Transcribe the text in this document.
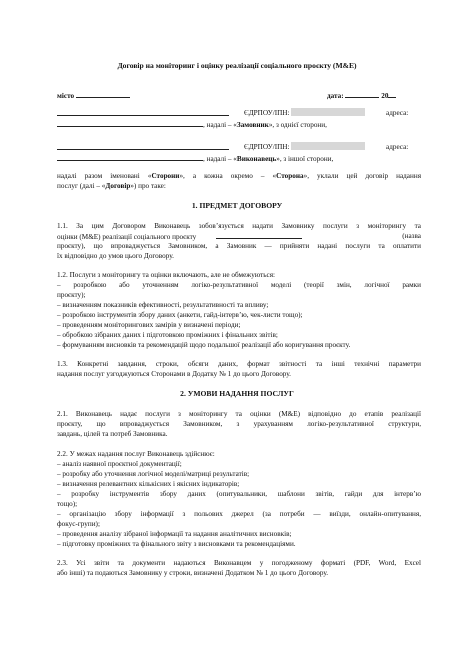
Договір на моніторинг і оцінку реалізації соціального проєкту (M&E)
місто	дата:	20
ЄДРПОУ/ІПН:	адреса:
, надалі – «Замовник», з однієї сторони,
ЄДРПОУ/ІПН:	адреса:
, надалі – «Виконавець», з іншої сторони,
надалі разом іменовані «Сторони», а кожна окремо – «Сторона», уклали цей договір надання
послуг (далі – «Договір») про таке:
1. ПРЕДМЕТ ДОГОВОРУ
1.1. За цим Договором Виконавець зобов’язується надати Замовнику послуги з моніторингу та
оцінки (M&E) реалізації соціального проєкту	(назва
проєкту), що впроваджується Замовником, а Замовник — прийняти надані послуги та оплатити
їх відповідно до умов цього Договору.
1.2. Послуги з моніторингу та оцінки включають, але не обмежуються:
– розробкою або уточненням логіко-результативної моделі (теорії змін, логічної рамки
проєкту);
– визначенням показників ефективності, результативності та впливу;
– розробкою інструментів збору даних (анкети, гайд-інтерв’ю, чек-листи тощо);
– проведенням моніторингових замірів у визначені періоди;
– обробкою зібраних даних і підготовкою проміжних і фінальних звітів;
– формуванням висновків та рекомендацій щодо подальшої реалізації або коригування проєкту.
1.3. Конкретні завдання, строки, обсяги даних, формат звітності та інші технічні параметри
надання послуг узгоджуються Сторонами в Додатку № 1 до цього Договору.
2. УМОВИ НАДАННЯ ПОСЛУГ
2.1. Виконавець надає послуги з моніторингу та оцінки (M&E) відповідно до етапів реалізації
проєкту, що впроваджується Замовником, з урахуванням логіко-результативної структури,
завдань, цілей та потреб Замовника.
2.2. У межах надання послуг Виконавець здійснює:
– аналіз наявної проєктної документації;
– розробку або уточнення логічної моделі/матриці результатів;
– визначення релевантних кількісних і якісних індикаторів;
– розробку інструментів збору даних (опитувальники, шаблони звітів, гайди для інтерв’ю
тощо);
– організацію збору інформації з польових джерел (за потреби — виїзди, онлайн-опитування,
фокус-групи);
– проведення аналізу зібраної інформації та надання аналітичних висновків;
– підготовку проміжних та фінального звіту з висновками та рекомендаціями.
2.3. Усі звіти та документи надаються Виконавцем у погодженому форматі (PDF, Word, Excel
або інші) та подаються Замовнику у строки, визначені Додатком № 1 до цього Договору.
